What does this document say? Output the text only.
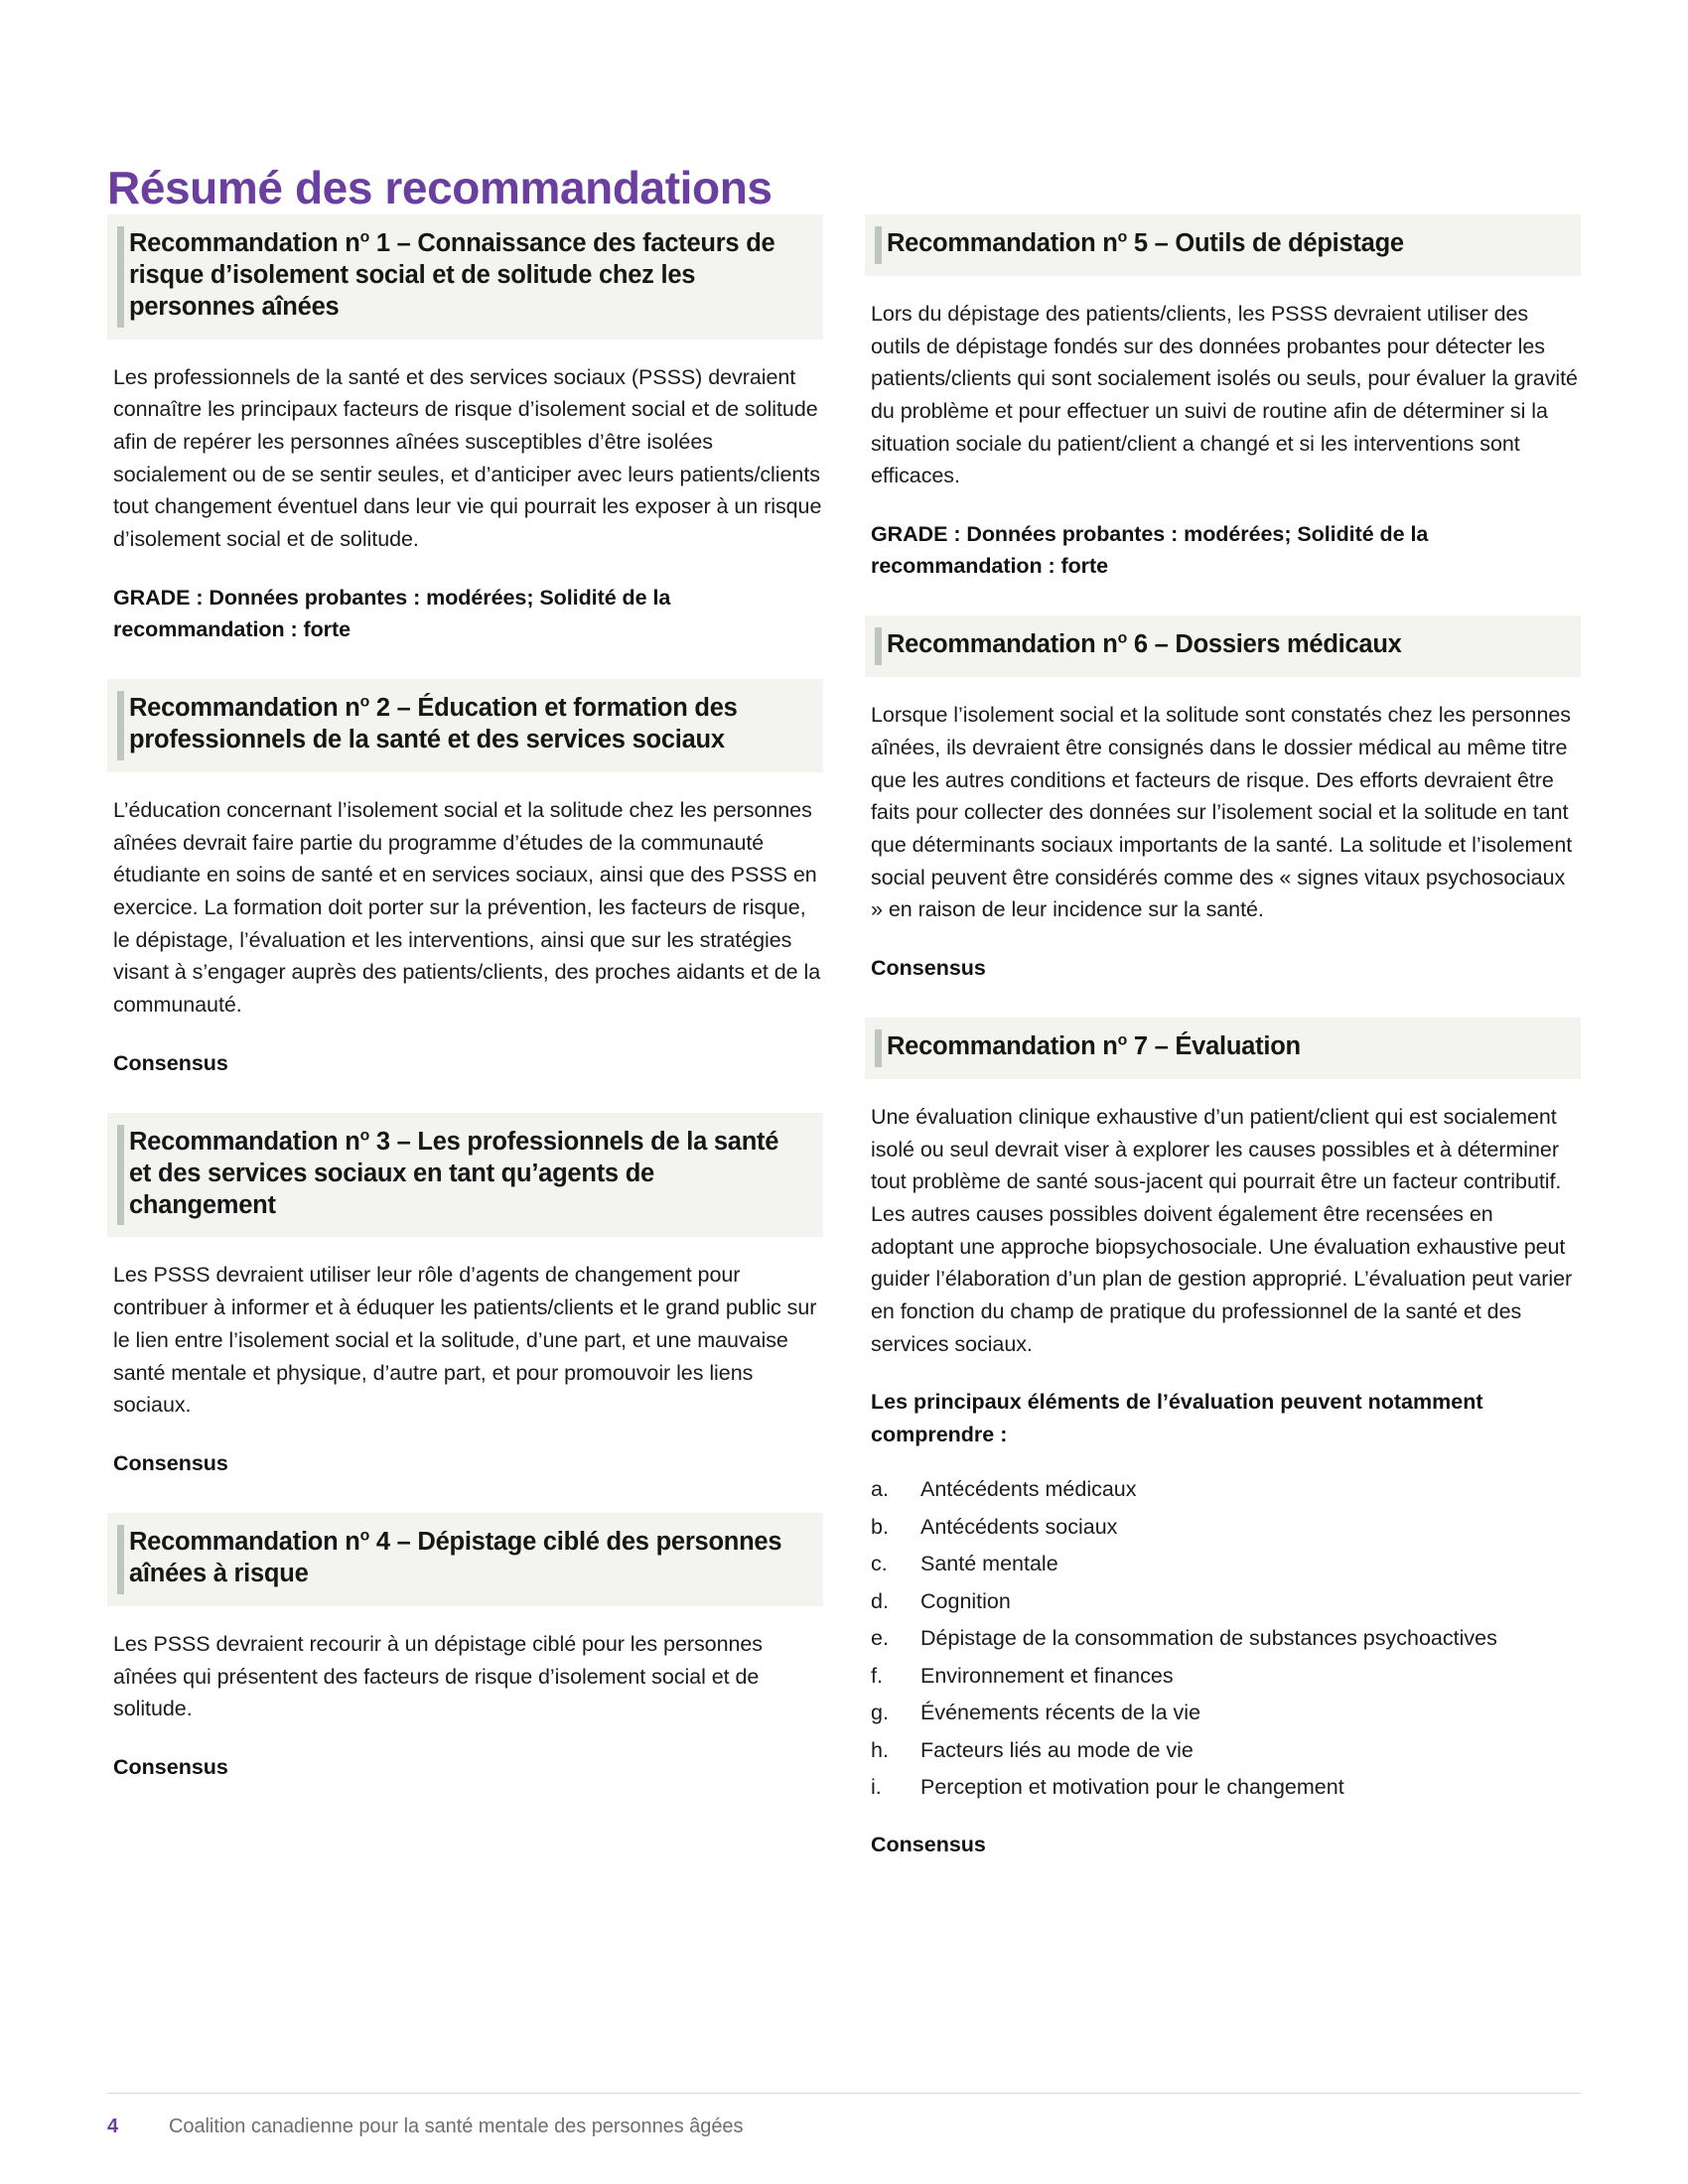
Résumé des recommandations
Recommandation $n^o$ 1 – Connaissance des facteurs de risque d’isolement social et de solitude chez les personnes aînées

Les professionnels de la santé et des services sociaux (PSSS) devraient connaître les principaux facteurs de risque d’isolement social et de solitude afin de repérer les personnes aînées susceptibles d’être isolées socialement ou de se sentir seules, et d’anticiper avec leurs patients/clients tout changement éventuel dans leur vie qui pourrait les exposer à un risque d’isolement social et de solitude.

GRADE : Données probantes : modérées; Solidité de la recommandation : forte

Recommandation $n^o$ 2 – Éducation et formation des professionnels de la santé et des services sociaux

L’éducation concernant l’isolement social et la solitude chez les personnes aînées devrait faire partie du programme d’études de la communauté étudiante en soins de santé et en services sociaux, ainsi que des PSSS en exercice. La formation doit porter sur la prévention, les facteurs de risque, le dépistage, l’évaluation et les interventions, ainsi que sur les stratégies visant à s’engager auprès des patients/clients, des proches aidants et de la communauté.

Consensus

Recommandation $n^o$ 3 – Les professionnels de la santé et des services sociaux en tant qu’agents de changement

Les PSSS devraient utiliser leur rôle d’agents de changement pour contribuer à informer et à éduquer les patients/clients et le grand public sur le lien entre l’isolement social et la solitude, d’une part, et une mauvaise santé mentale et physique, d’autre part, et pour promouvoir les liens sociaux.

Consensus

Recommandation $n^o$ 4 – Dépistage ciblé des personnes aînées à risque

Les PSSS devraient recourir à un dépistage ciblé pour les personnes aînées qui présentent des facteurs de risque d’isolement social et de solitude.

Consensus

Recommandation $n^o$ 5 – Outils de dépistage

Lors du dépistage des patients/clients, les PSSS devraient utiliser des outils de dépistage fondés sur des données probantes pour détecter les patients/clients qui sont socialement isolés ou seuls, pour évaluer la gravité du problème et pour effectuer un suivi de routine afin de déterminer si la situation sociale du patient/client a changé et si les interventions sont efficaces.

GRADE : Données probantes : modérées; Solidité de la recommandation : forte

Recommandation $n^o$ 6 – Dossiers médicaux

Lorsque l’isolement social et la solitude sont constatés chez les personnes aînées, ils devraient être consignés dans le dossier médical au même titre que les autres conditions et facteurs de risque. Des efforts devraient être faits pour collecter des données sur l’isolement social et la solitude en tant que déterminants sociaux importants de la santé. La solitude et l’isolement social peuvent être considérés comme des « signes vitaux psychosociaux » en raison de leur incidence sur la santé.

Consensus

Recommandation $n^o$ 7 – Évaluation

Une évaluation clinique exhaustive d’un patient/client qui est socialement isolé ou seul devrait viser à explorer les causes possibles et à déterminer tout problème de santé sous-jacent qui pourrait être un facteur contributif. Les autres causes possibles doivent également être recensées en adoptant une approche biopsychosociale. Une évaluation exhaustive peut guider l’élaboration d’un plan de gestion approprié. L’évaluation peut varier en fonction du champ de pratique du professionnel de la santé et des services sociaux.

Les principaux éléments de l’évaluation peuvent notamment comprendre :

a.	Antécédents médicaux
b.	Antécédents sociaux
c.	Santé mentale
d.	Cognition
e.	Dépistage de la consommation de substances psychoactives
f.	Environnement et finances
g.	Événements récents de la vie
h.	Facteurs liés au mode de vie
i.	Perception et motivation pour le changement

Consensus

4	Coalition canadienne pour la santé mentale des personnes âgées
